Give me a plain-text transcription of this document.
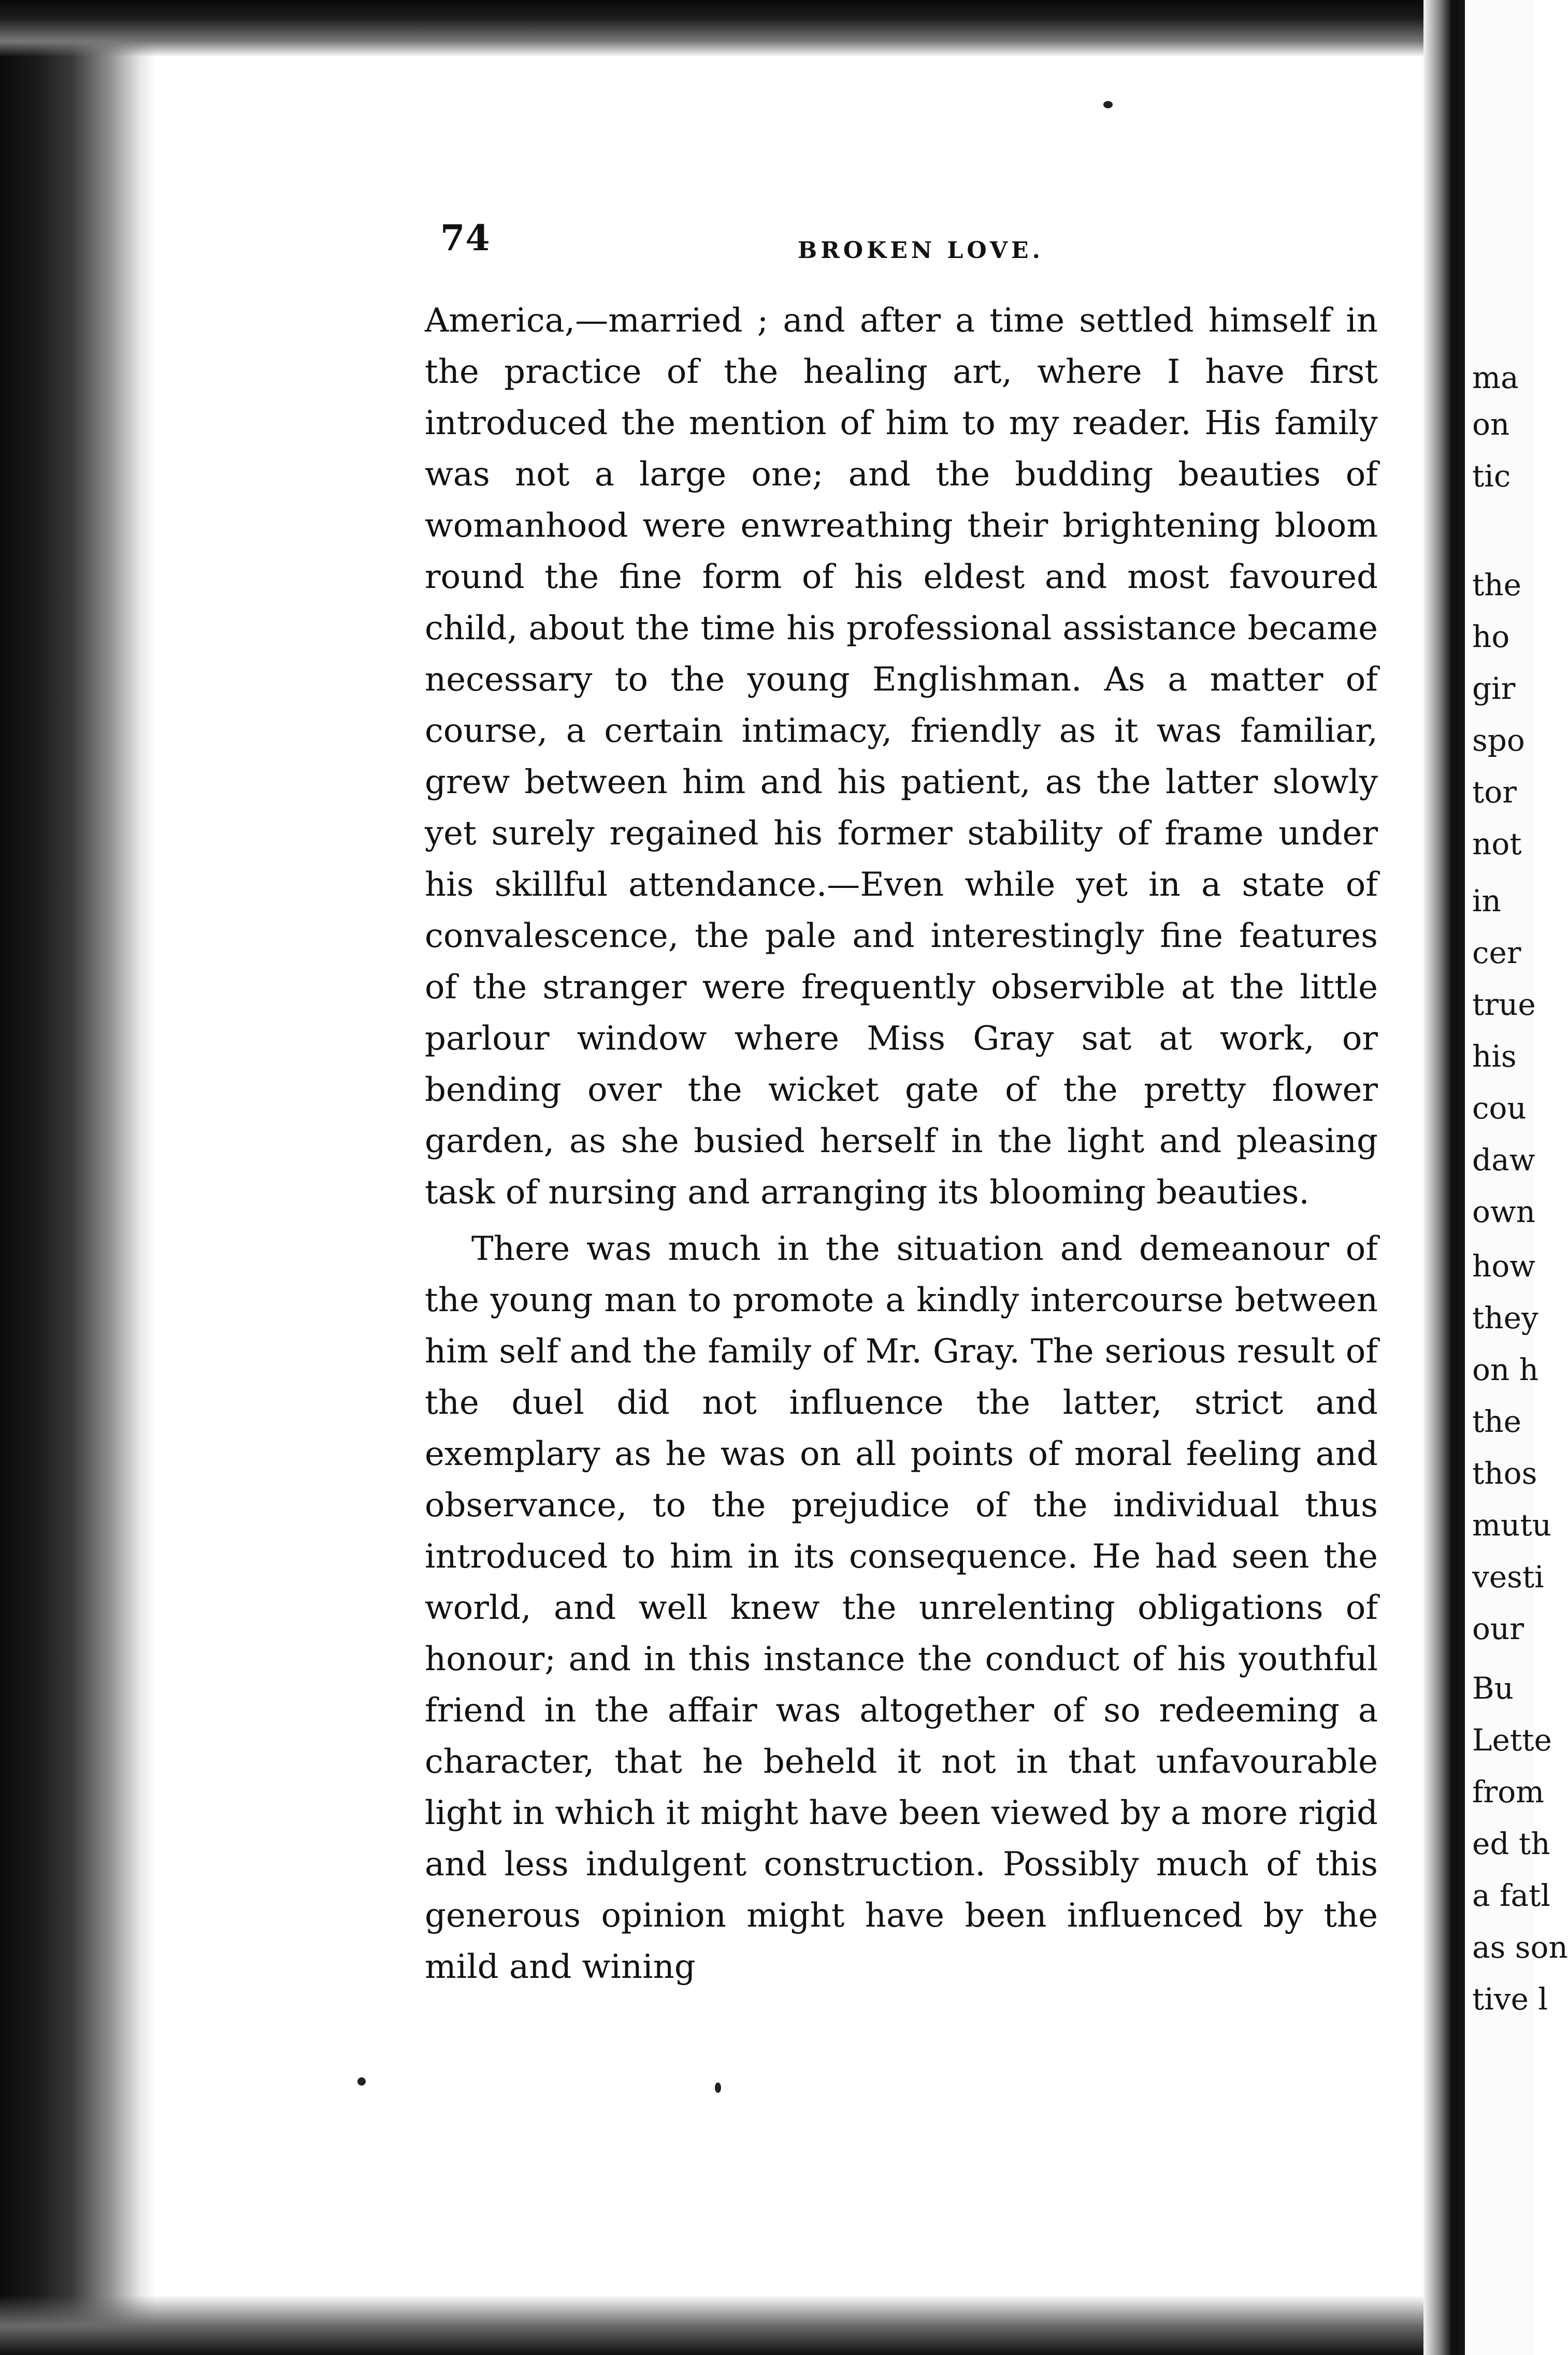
74	BROKEN LOVE.

America,—married ; and after a time settled himself in the practice of the healing art, where I have first introduced the mention of him to my reader. His family was not a large one; and the budding beauties of womanhood were enwreathing their brightening bloom round the fine form of his eldest and most favoured child, about the time his professional assistance became necessary to the young Englishman. As a matter of course, a certain intimacy, friendly as it was familiar, grew between him and his patient, as the latter slowly yet surely regained his former stability of frame under his skillful attendance.—Even while yet in a state of convalescence, the pale and interestingly fine features of the stranger were frequently observible at the little parlour window where Miss Gray sat at work, or bending over the wicket gate of the pretty flower garden, as she busied herself in the light and pleasing task of nursing and arranging its blooming beauties.

There was much in the situation and demeanour of the young man to promote a kindly intercourse between him self and the family of Mr. Gray. The serious result of the duel did not influence the latter, strict and exemplary as he was on all points of moral feeling and observance, to the prejudice of the individual thus introduced to him in its consequence. He had seen the world, and well knew the unrelenting obligations of honour; and in this instance the conduct of his youthful friend in the affair was altogether of so redeeming a character, that he beheld it not in that unfavourable light in which it might have been viewed by a more rigid and less indulgent construction. Possibly much of this generous opinion might have been influenced by the mild and wining

ma
on
tic
the
ho
gir
spo
tor
not
in
cer
true
his
cou
daw
own
how
they
on h
the
thos
mutu
vesti
our
Bu
Lette
from
ed th
a fatl
as son
tive l
